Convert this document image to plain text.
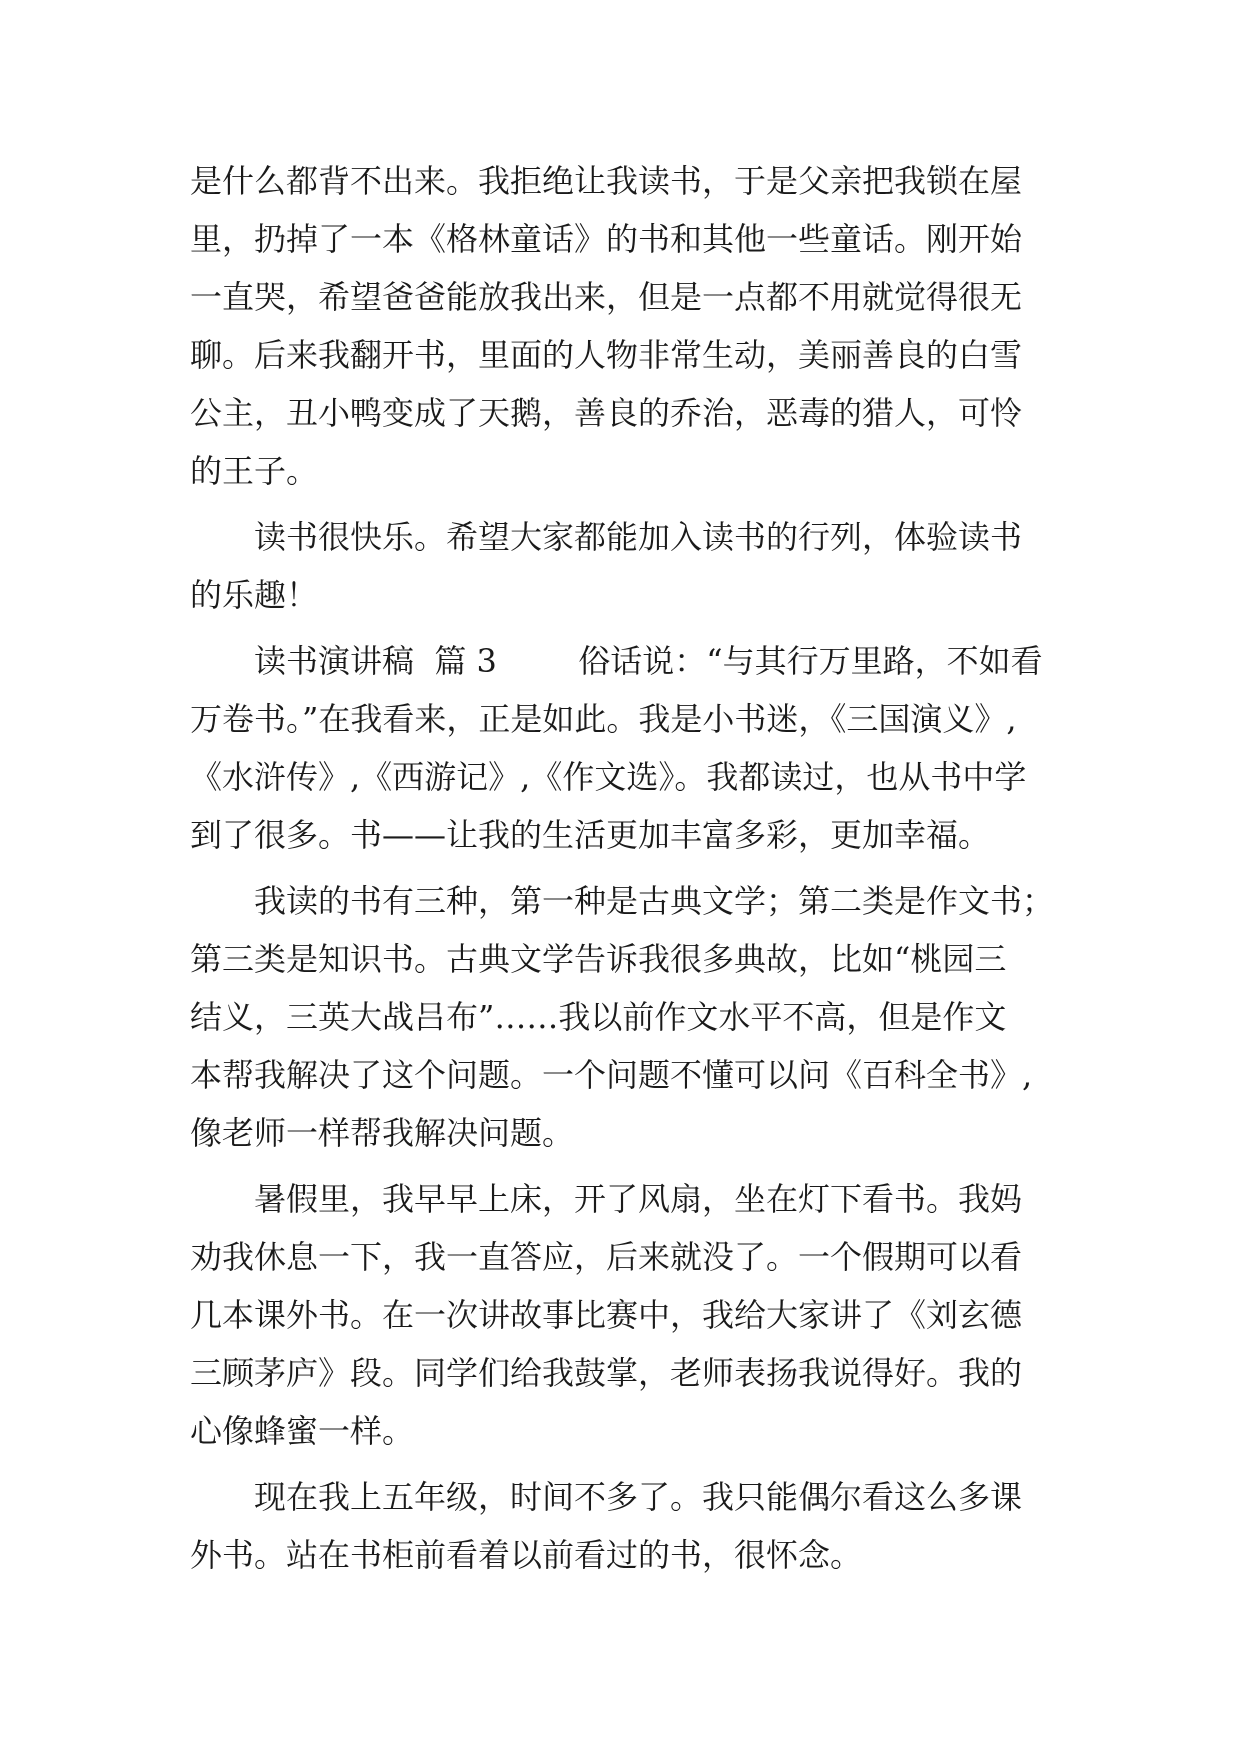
是什么都背不出来。我拒绝让我读书，于是父亲把我锁在屋
里，扔掉了一本《格林童话》的书和其他一些童话。刚开始
一直哭，希望爸爸能放我出来，但是一点都不用就觉得很无
聊。后来我翻开书，里面的人物非常生动，美丽善良的白雪
公主，丑小鸭变成了天鹅，善良的乔治，恶毒的猎人，可怜
的王子。
读书很快乐。希望大家都能加入读书的行列，体验读书
的乐趣！
读书演讲稿  篇 3        俗话说：“与其行万里路，不如看
万卷书。”在我看来，正是如此。我是小书迷，《三国演义》,
《水浒传》,《西游记》,《作文选》。我都读过，也从书中学
到了很多。书——让我的生活更加丰富多彩，更加幸福。
我读的书有三种，第一种是古典文学；第二类是作文书；
第三类是知识书。古典文学告诉我很多典故，比如“桃园三
结义，三英大战吕布”……我以前作文水平不高，但是作文
本帮我解决了这个问题。一个问题不懂可以问《百科全书》,
像老师一样帮我解决问题。
暑假里，我早早上床，开了风扇，坐在灯下看书。我妈
劝我休息一下，我一直答应，后来就没了。一个假期可以看
几本课外书。在一次讲故事比赛中，我给大家讲了《刘玄德
三顾茅庐》段。同学们给我鼓掌，老师表扬我说得好。我的
心像蜂蜜一样。
现在我上五年级，时间不多了。我只能偶尔看这么多课
外书。站在书柜前看着以前看过的书，很怀念。
